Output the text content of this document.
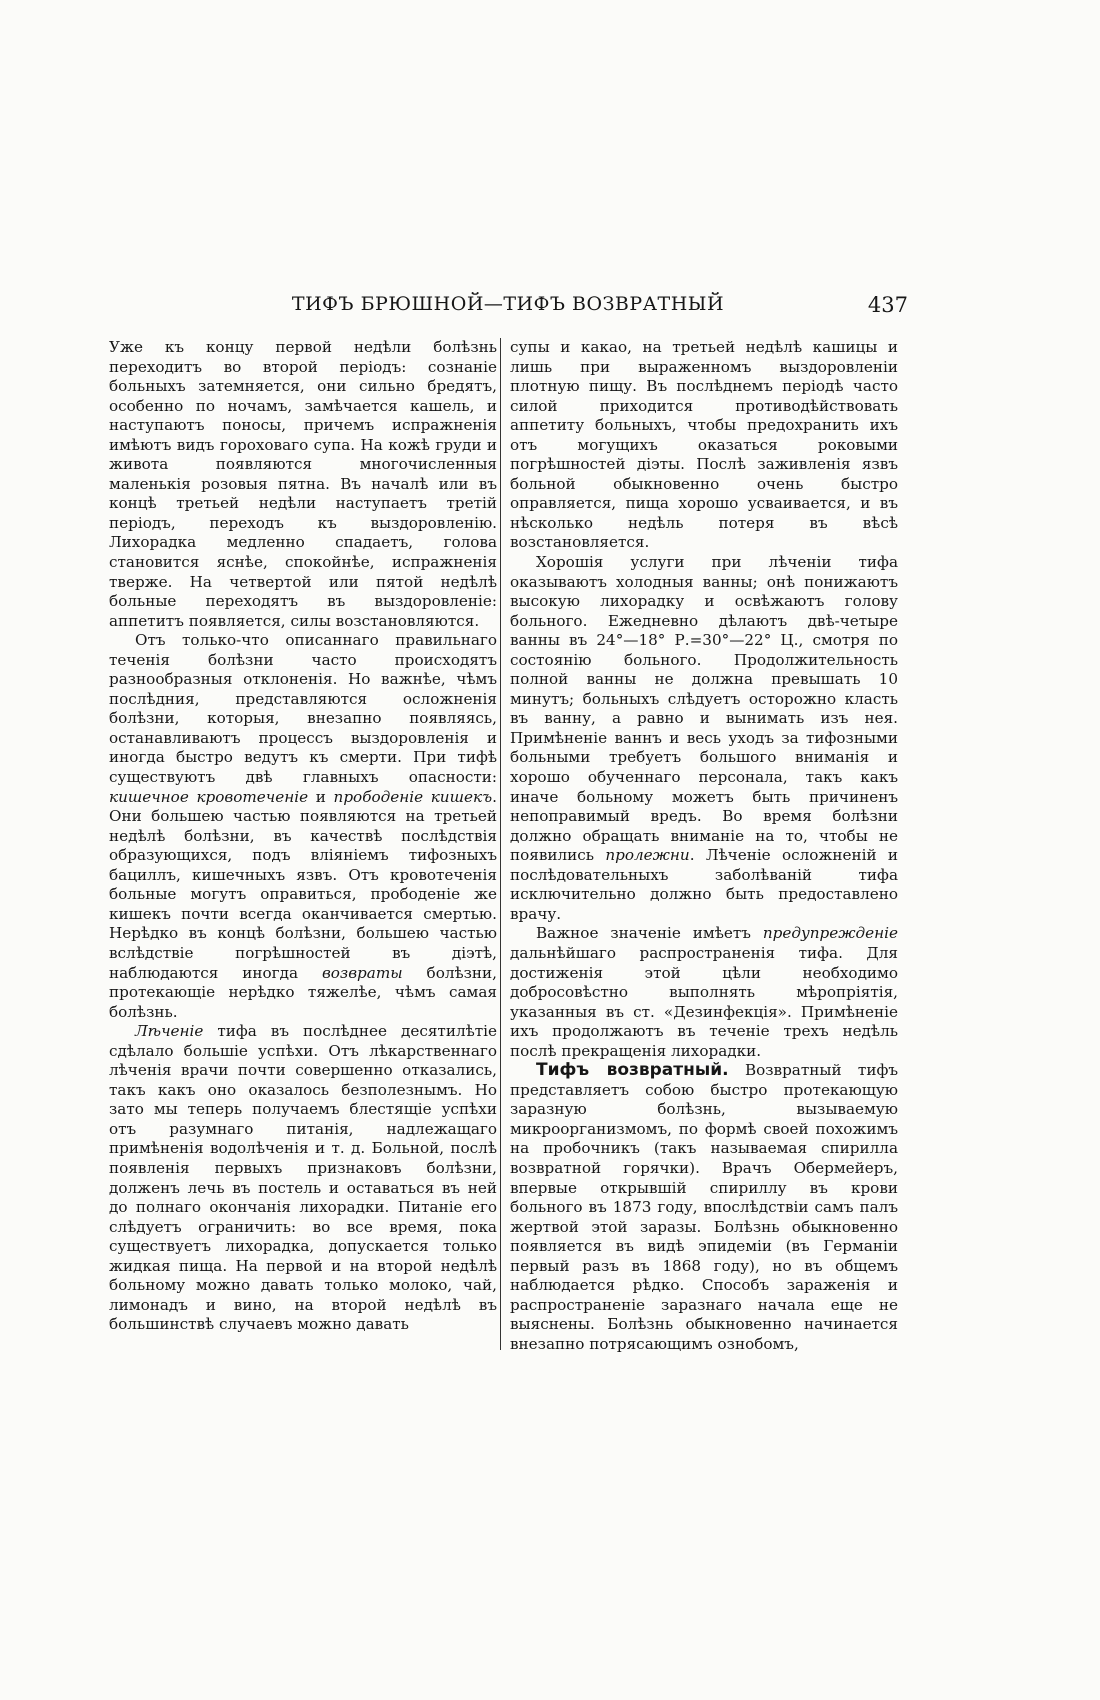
ТИФЪ БРЮШНОЙ—ТИФЪ ВОЗВРАТНЫЙ	437

Уже къ концу первой недѣли болѣзнь переходитъ во второй періодъ: сознаніе больныхъ затемняется, они сильно бредятъ, особенно по ночамъ, замѣчается кашель, и наступаютъ поносы, причемъ испражненія имѣютъ видъ гороховаго супа. На кожѣ груди и живота появляются многочисленныя маленькія розовыя пятна. Въ началѣ или въ концѣ третьей недѣли наступаетъ третій періодъ, переходъ къ выздоровленію. Лихорадка медленно спадаетъ, голова становится яснѣе, спокойнѣе, испражненія тверже. На четвертой или пятой недѣлѣ больные переходятъ въ выздоровленіе: аппетитъ появляется, силы возстановляются.

Отъ только-что описаннаго правильнаго теченія болѣзни часто происходятъ разнообразныя отклоненія. Но важнѣе, чѣмъ послѣдния, представляются осложненія болѣзни, которыя, внезапно появляясь, останавливаютъ процессъ выздоровленія и иногда быстро ведутъ къ смерти. При тифѣ существуютъ двѣ главныхъ опасности: кишечное кровотеченіе и прободеніе кишекъ. Они большею частью появляются на третьей недѣлѣ болѣзни, въ качествѣ послѣдствія образующихся, подъ вліяніемъ тифозныхъ бациллъ, кишечныхъ язвъ. Отъ кровотеченія больные могутъ оправиться, прободеніе же кишекъ почти всегда оканчивается смертью. Нерѣдко въ концѣ болѣзни, большею частью вслѣдствіе погрѣшностей въ діэтѣ, наблюдаются иногда возвраты болѣзни, протекающіе нерѣдко тяжелѣе, чѣмъ самая болѣзнь.

Лѣченіе тифа въ послѣднее десятилѣтіе сдѣлало большіе успѣхи. Отъ лѣкарственнаго лѣченія врачи почти совершенно отказались, такъ какъ оно оказалось безполезнымъ. Но зато мы теперь получаемъ блестящіе успѣхи отъ разумнаго питанія, надлежащаго примѣненія водолѣченія и т. д. Больной, послѣ появленія первыхъ признаковъ болѣзни, долженъ лечь въ постель и оставаться въ ней до полнаго окончанія лихорадки. Питаніе его слѣдуетъ ограничить: во все время, пока существуетъ лихорадка, допускается только жидкая пища. На первой и на второй недѣлѣ больному можно давать только молоко, чай, лимонадъ и вино, на второй недѣлѣ въ большинствѣ случаевъ можно давать

супы и какао, на третьей недѣлѣ кашицы и лишь при выраженномъ выздоровленіи плотную пищу. Въ послѣднемъ періодѣ часто силой приходится противодѣйствовать аппетиту больныхъ, чтобы предохранить ихъ отъ могущихъ оказаться роковыми погрѣшностей діэты. Послѣ заживленія язвъ больной обыкновенно очень быстро оправляется, пища хорошо усваивается, и въ нѣсколько недѣль потеря въ вѣсѣ возстановляется.

Хорошія услуги при лѣченіи тифа оказываютъ холодныя ванны; онѣ понижаютъ высокую лихорадку и освѣжаютъ голову больного. Ежедневно дѣлаютъ двѣ-четыре ванны въ 24°—18° Р.=30°—22° Ц., смотря по состоянію больного. Продолжительность полной ванны не должна превышать 10 минутъ; больныхъ слѣдуетъ осторожно класть въ ванну, а равно и вынимать изъ нея. Примѣненіе ваннъ и весь уходъ за тифозными больными требуетъ большого вниманія и хорошо обученнаго персонала, такъ какъ иначе больному можетъ быть причиненъ непоправимый вредъ. Во время болѣзни должно обращать вниманіе на то, чтобы не появились пролежни. Лѣченіе осложненій и послѣдовательныхъ заболѣваній тифа исключительно должно быть предоставлено врачу.

Важное значеніе имѣетъ предупрежденіе дальнѣйшаго распространенія тифа. Для достиженія этой цѣли необходимо добросовѣстно выполнять мѣропріятія, указанныя въ ст. «Дезинфекція». Примѣненіе ихъ продолжаютъ въ теченіе трехъ недѣль послѣ прекращенія лихорадки.

Тифъ возвратный. Возвратный тифъ представляетъ собою быстро протекающую заразную болѣзнь, вызываемую микроорганизмомъ, по формѣ своей похожимъ на пробочникъ (такъ называемая спирилла возвратной горячки). Врачъ Обермейеръ, впервые открывшій спириллу въ крови больного въ 1873 году, впослѣдствіи самъ палъ жертвой этой заразы. Болѣзнь обыкновенно появляется въ видѣ эпидеміи (въ Германіи первый разъ въ 1868 году), но въ общемъ наблюдается рѣдко. Способъ зараженія и распространеніе заразнаго начала еще не выяснены. Болѣзнь обыкновенно начинается внезапно потрясающимъ ознобомъ,
